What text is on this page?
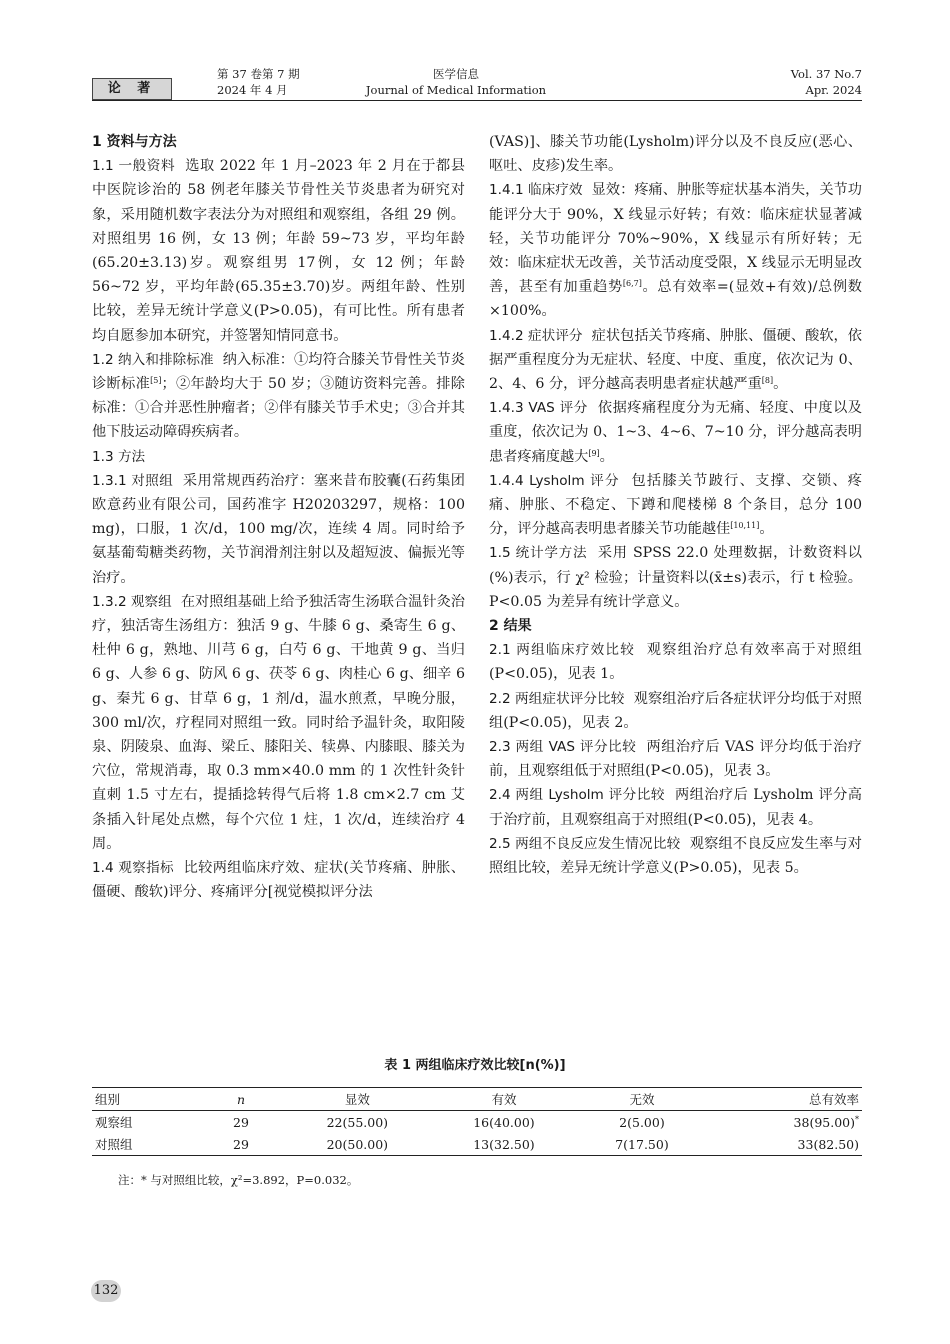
论 著
第 37 卷第 7 期
2024 年 4 月
医学信息
Journal of Medical Information
Vol. 37 No.7
Apr. 2024

1 资料与方法

1.1 一般资料 选取 2022 年 1 月–2023 年 2 月在于都县中医院诊治的 58 例老年膝关节骨性关节炎患者为研究对象，采用随机数字表法分为对照组和观察组，各组 29 例。对照组男 16 例，女 13 例；年龄 59~73 岁，平均年龄(65.20±3.13)岁。观察组男 17例，女 12 例；年龄 56~72 岁，平均年龄(65.35±3.70)岁。两组年龄、性别比较，差异无统计学意义(P>0.05)，有可比性。所有患者均自愿参加本研究，并签署知情同意书。

1.2 纳入和排除标准 纳入标准：①均符合膝关节骨性关节炎诊断标准[5]；②年龄均大于 50 岁；③随访资料完善。排除标准：①合并恶性肿瘤者；②伴有膝关节手术史；③合并其他下肢运动障碍疾病者。

1.3 方法

1.3.1 对照组 采用常规西药治疗：塞来昔布胶囊(石药集团欧意药业有限公司，国药准字 H20203297，规格：100 mg)，口服，1 次/d，100 mg/次，连续 4 周。同时给予氨基葡萄糖类药物，关节润滑剂注射以及超短波、偏振光等治疗。

1.3.2 观察组 在对照组基础上给予独活寄生汤联合温针灸治疗，独活寄生汤组方：独活 9 g、牛膝 6 g、桑寄生 6 g、杜仲 6 g，熟地、川芎 6 g，白芍 6 g、干地黄 9 g、当归 6 g、人参 6 g、防风 6 g、茯苓 6 g、肉桂心 6 g、细辛 6 g、秦艽 6 g、甘草 6 g，1 剂/d，温水煎煮，早晚分服，300 ml/次，疗程同对照组一致。同时给予温针灸，取阳陵泉、阴陵泉、血海、梁丘、膝阳关、犊鼻、内膝眼、膝关为穴位，常规消毒，取 0.3 mm×40.0 mm 的 1 次性针灸针直刺 1.5 寸左右，提插捻转得气后将 1.8 cm×2.7 cm 艾条插入针尾处点燃，每个穴位 1 炷，1 次/d，连续治疗 4 周。

1.4 观察指标 比较两组临床疗效、症状(关节疼痛、肿胀、僵硬、酸软)评分、疼痛评分[视觉模拟评分法

(VAS)]、膝关节功能(Lysholm)评分以及不良反应(恶心、呕吐、皮疹)发生率。

1.4.1 临床疗效 显效：疼痛、肿胀等症状基本消失，关节功能评分大于 90%，X 线显示好转；有效：临床症状显著减轻，关节功能评分 70%~90%，X 线显示有所好转；无效：临床症状无改善，关节活动度受限，X 线显示无明显改善，甚至有加重趋势[6,7]。总有效率=(显效+有效)/总例数×100%。

1.4.2 症状评分 症状包括关节疼痛、肿胀、僵硬、酸软，依据严重程度分为无症状、轻度、中度、重度，依次记为 0、2、4、6 分，评分越高表明患者症状越严重[8]。

1.4.3 VAS 评分 依据疼痛程度分为无痛、轻度、中度以及重度，依次记为 0、1~3、4~6、7~10 分，评分越高表明患者疼痛度越大[9]。

1.4.4 Lysholm 评分 包括膝关节跛行、支撑、交锁、疼痛、肿胀、不稳定、下蹲和爬楼梯 8 个条目，总分 100 分，评分越高表明患者膝关节功能越佳[10,11]。

1.5 统计学方法 采用 SPSS 22.0 处理数据，计数资料以(%)表示，行 χ² 检验；计量资料以(x̄±s)表示，行 t 检验。P<0.05 为差异有统计学意义。

2 结果

2.1 两组临床疗效比较 观察组治疗总有效率高于对照组(P<0.05)，见表 1。

2.2 两组症状评分比较 观察组治疗后各症状评分均低于对照组(P<0.05)，见表 2。

2.3 两组 VAS 评分比较 两组治疗后 VAS 评分均低于治疗前，且观察组低于对照组(P<0.05)，见表 3。

2.4 两组 Lysholm 评分比较 两组治疗后 Lysholm 评分高于治疗前，且观察组高于对照组(P<0.05)，见表 4。

2.5 两组不良反应发生情况比较 观察组不良反应发生率与对照组比较，差异无统计学意义(P>0.05)，见表 5。

表 1 两组临床疗效比较[n(%)]
组别	n	显效	有效	无效	总有效率
观察组	29	22(55.00)	16(40.00)	2(5.00)	38(95.00)*
对照组	29	20(50.00)	13(32.50)	7(17.50)	33(82.50)
注：* 与对照组比较，χ²=3.892，P=0.032。
132
